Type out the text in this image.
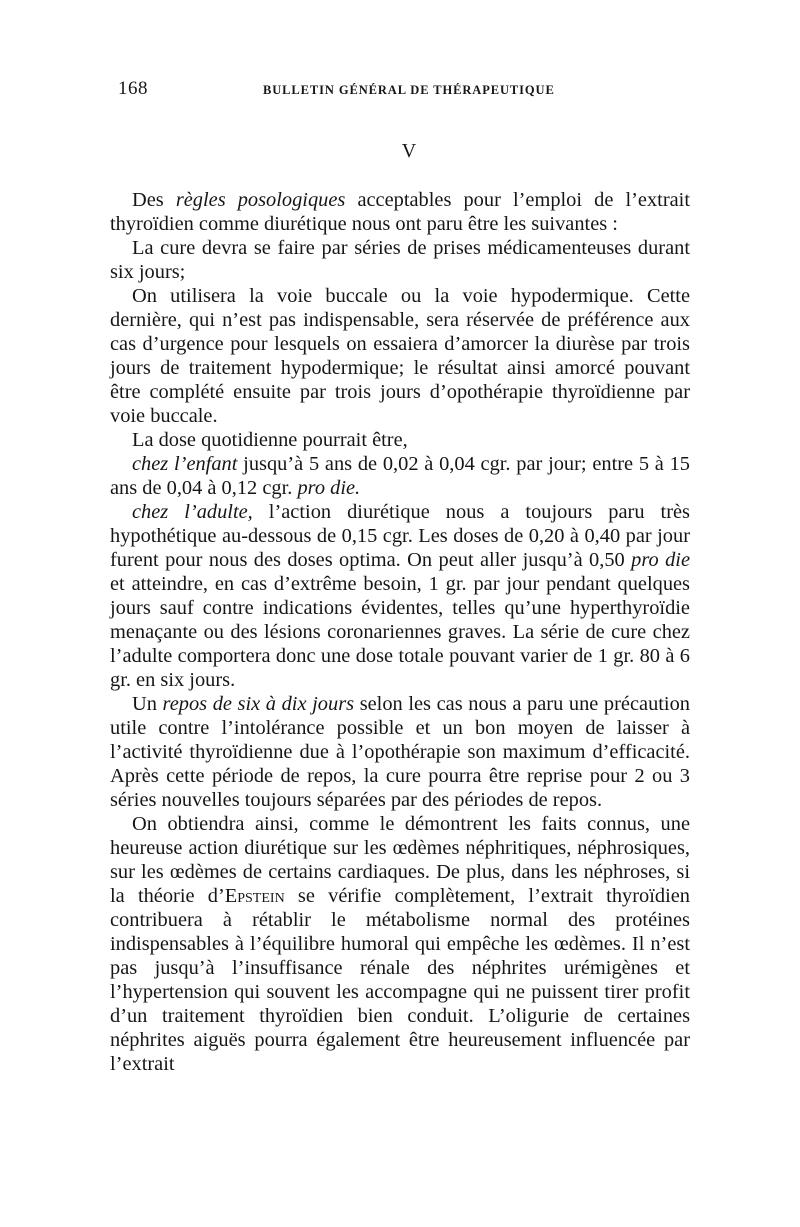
168	BULLETIN GÉNÉRAL DE THÉRAPEUTIQUE
V

Des règles posologiques acceptables pour l’emploi de l’extrait thyroïdien comme diurétique nous ont paru être les suivantes :

La cure devra se faire par séries de prises médicamenteuses durant six jours;

On utilisera la voie buccale ou la voie hypodermique. Cette dernière, qui n’est pas indispensable, sera réservée de préférence aux cas d’urgence pour lesquels on essaiera d’amorcer la diurèse par trois jours de traitement hypodermique; le résultat ainsi amorcé pouvant être complété ensuite par trois jours d’opothérapie thyroïdienne par voie buccale.

La dose quotidienne pourrait être,

chez l’enfant jusqu’à 5 ans de 0,02 à 0,04 cgr. par jour; entre 5 à 15 ans de 0,04 à 0,12 cgr. pro die.

chez l’adulte, l’action diurétique nous a toujours paru très hypothétique au-dessous de 0,15 cgr. Les doses de 0,20 à 0,40 par jour furent pour nous des doses optima. On peut aller jusqu’à 0,50 pro die et atteindre, en cas d’extrême besoin, 1 gr. par jour pendant quelques jours sauf contre indications évidentes, telles qu’une hyperthyroïdie menaçante ou des lésions coronariennes graves. La série de cure chez l’adulte comportera donc une dose totale pouvant varier de 1 gr. 80 à 6 gr. en six jours.

Un repos de six à dix jours selon les cas nous a paru une précaution utile contre l’intolérance possible et un bon moyen de laisser à l’activité thyroïdienne due à l’opothérapie son maximum d’efficacité. Après cette période de repos, la cure pourra être reprise pour 2 ou 3 séries nouvelles toujours séparées par des périodes de repos.

On obtiendra ainsi, comme le démontrent les faits connus, une heureuse action diurétique sur les œdèmes néphritiques, néphrosiques, sur les œdèmes de certains cardiaques. De plus, dans les néphroses, si la théorie d’Epstein se vérifie complètement, l’extrait thyroïdien contribuera à rétablir le métabolisme normal des protéines indispensables à l’équilibre humoral qui empêche les œdèmes. Il n’est pas jusqu’à l’insuffisance rénale des néphrites urémigènes et l’hypertension qui souvent les accompagne qui ne puissent tirer profit d’un traitement thyroïdien bien conduit. L’oligurie de certaines néphrites aiguës pourra également être heureusement influencée par l’extrait
